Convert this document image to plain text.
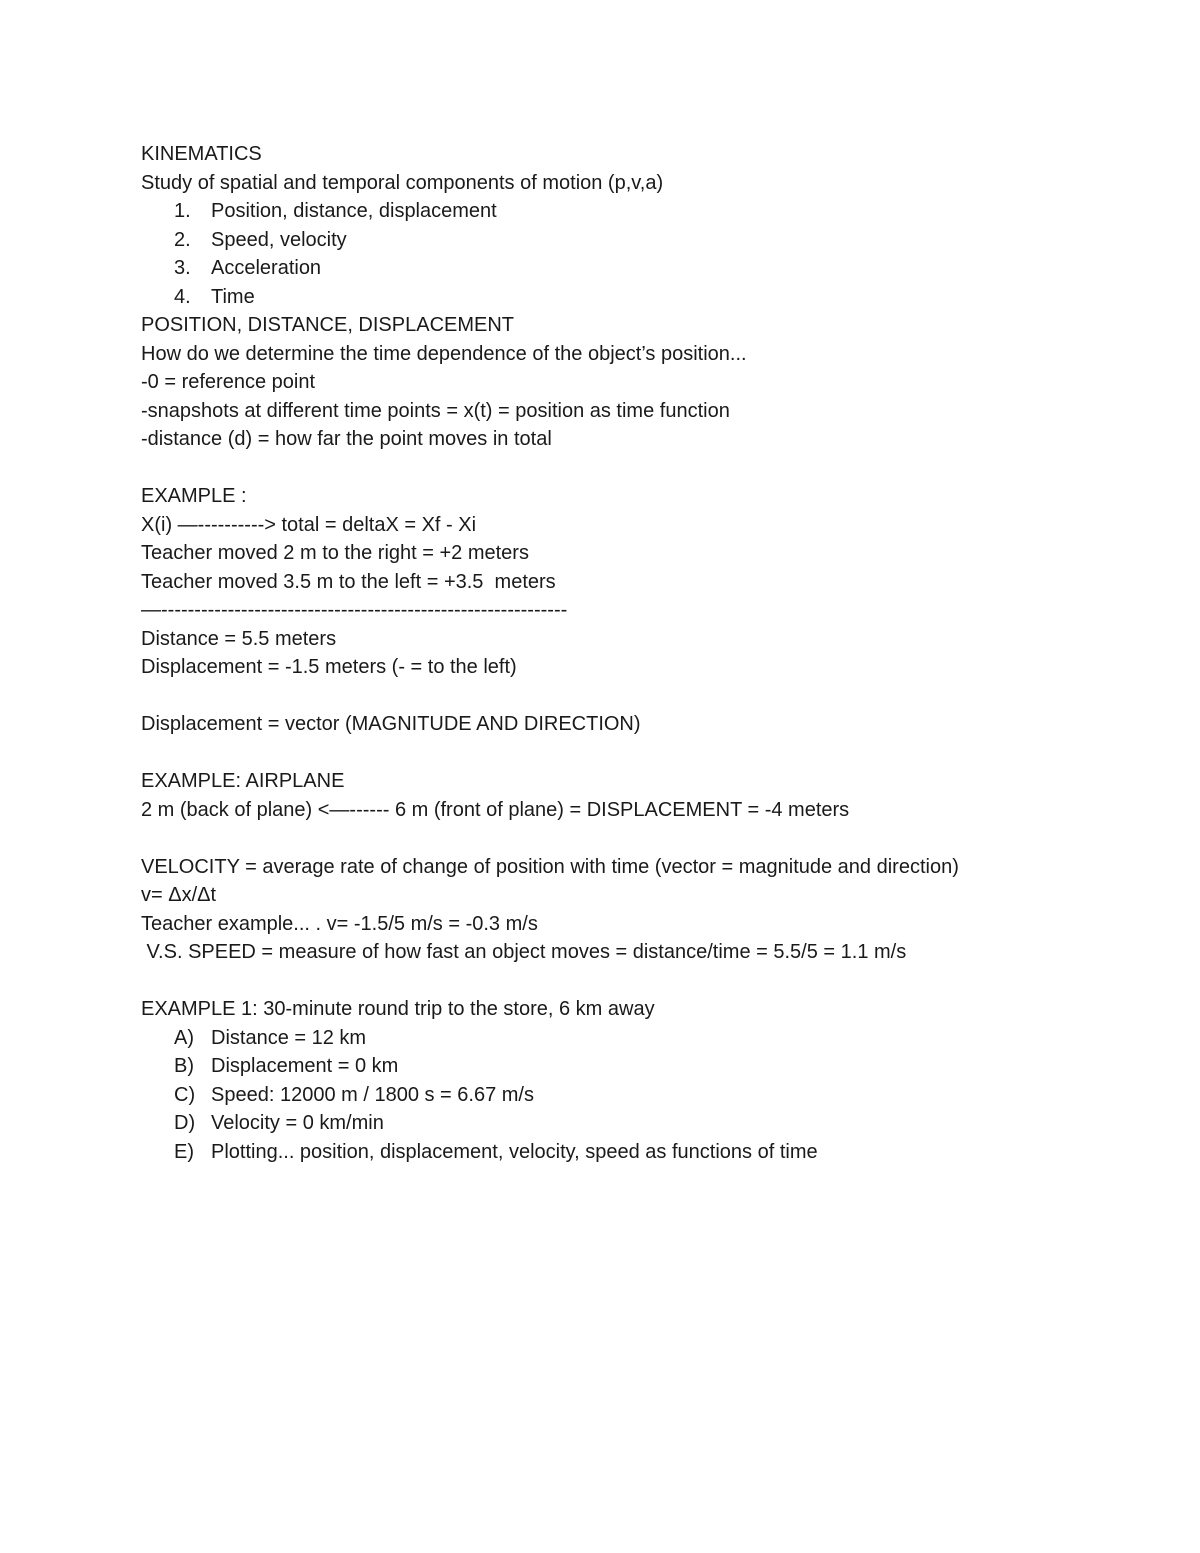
KINEMATICS
Study of spatial and temporal components of motion (p,v,a)
1.	Position, distance, displacement
2.	Speed, velocity
3.	Acceleration
4.	Time
POSITION, DISTANCE, DISPLACEMENT
How do we determine the time dependence of the object’s position...
-0 = reference point
-snapshots at different time points = x(t) = position as time function
-distance (d) = how far the point moves in total
EXAMPLE :
X(i) —----------> total = deltaX = Xf - Xi
Teacher moved 2 m to the right = +2 meters
Teacher moved 3.5 m to the left = +3.5  meters
—-------------------------------------------------------------
Distance = 5.5 meters
Displacement = -1.5 meters (- = to the left)
Displacement = vector (MAGNITUDE AND DIRECTION)
EXAMPLE: AIRPLANE
2 m (back of plane) <—------ 6 m (front of plane) = DISPLACEMENT = -4 meters
VELOCITY = average rate of change of position with time (vector = magnitude and direction)
v= Δx/Δt
Teacher example... . v= -1.5/5 m/s = -0.3 m/s
V.S. SPEED = measure of how fast an object moves = distance/time = 5.5/5 = 1.1 m/s
EXAMPLE 1: 30-minute round trip to the store, 6 km away
A) Distance = 12 km
B) Displacement = 0 km
C) Speed: 12000 m / 1800 s = 6.67 m/s
D) Velocity = 0 km/min
E) Plotting... position, displacement, velocity, speed as functions of time
